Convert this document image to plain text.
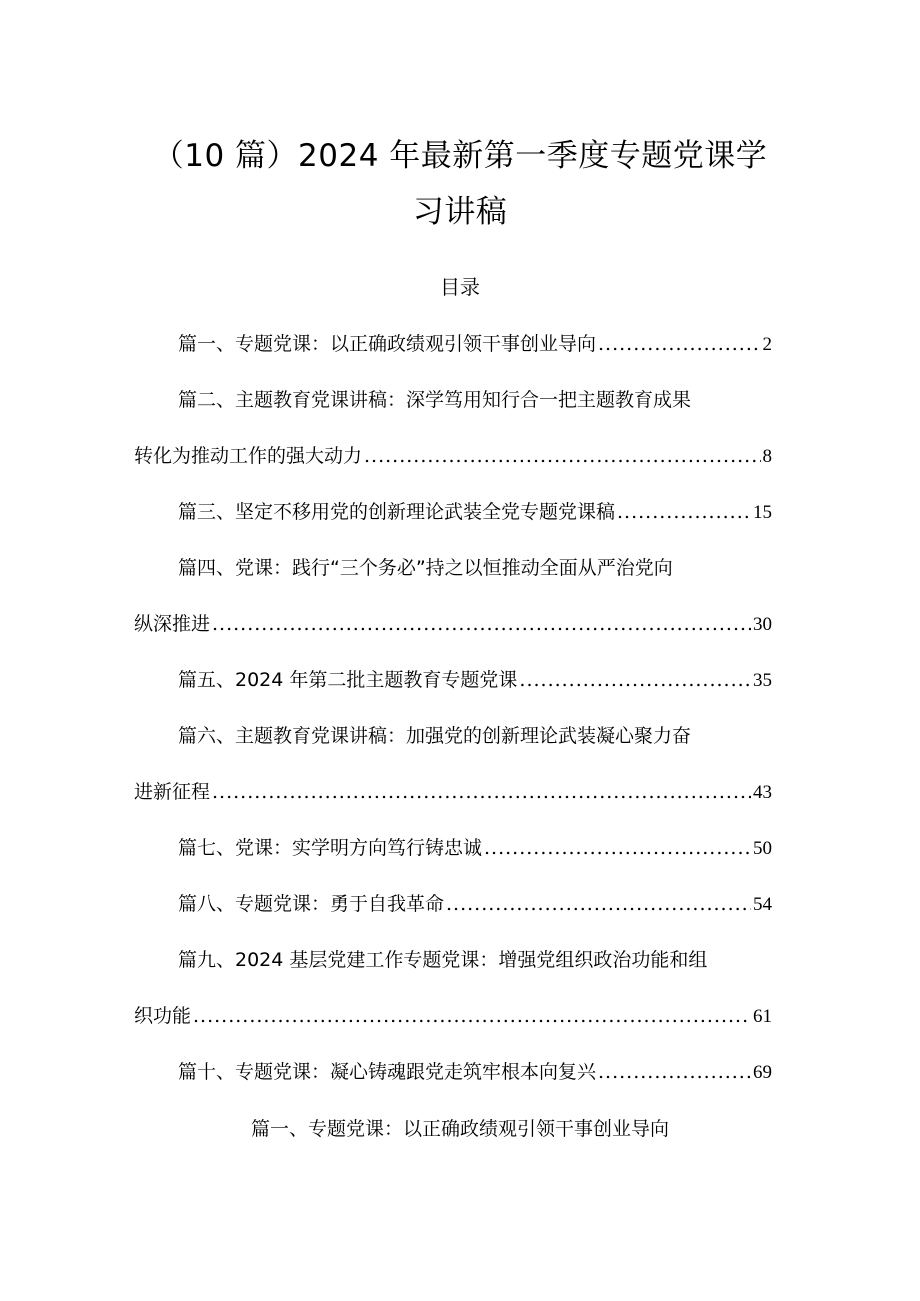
（10 篇）2024 年最新第一季度专题党课学
习讲稿
目录
篇一、专题党课：以正确政绩观引领干事创业导向 .....	2
篇二、主题教育党课讲稿：深学笃用知行合一把主题教育成果
转化为推动工作的强大动力 .....	8
篇三、坚定不移用党的创新理论武装全党专题党课稿 .....	15
篇四、党课：践行“三个务必”持之以恒推动全面从严治党向
纵深推进 .....	30
篇五、2024 年第二批主题教育专题党课 .....	35
篇六、主题教育党课讲稿：加强党的创新理论武装凝心聚力奋
进新征程 .....	43
篇七、党课：实学明方向笃行铸忠诚 .....	50
篇八、专题党课：勇于自我革命 .....	54
篇九、2024 基层党建工作专题党课：增强党组织政治功能和组
织功能 .....	61
篇十、专题党课：凝心铸魂跟党走筑牢根本向复兴 .....	69
篇一、专题党课：以正确政绩观引领干事创业导向
